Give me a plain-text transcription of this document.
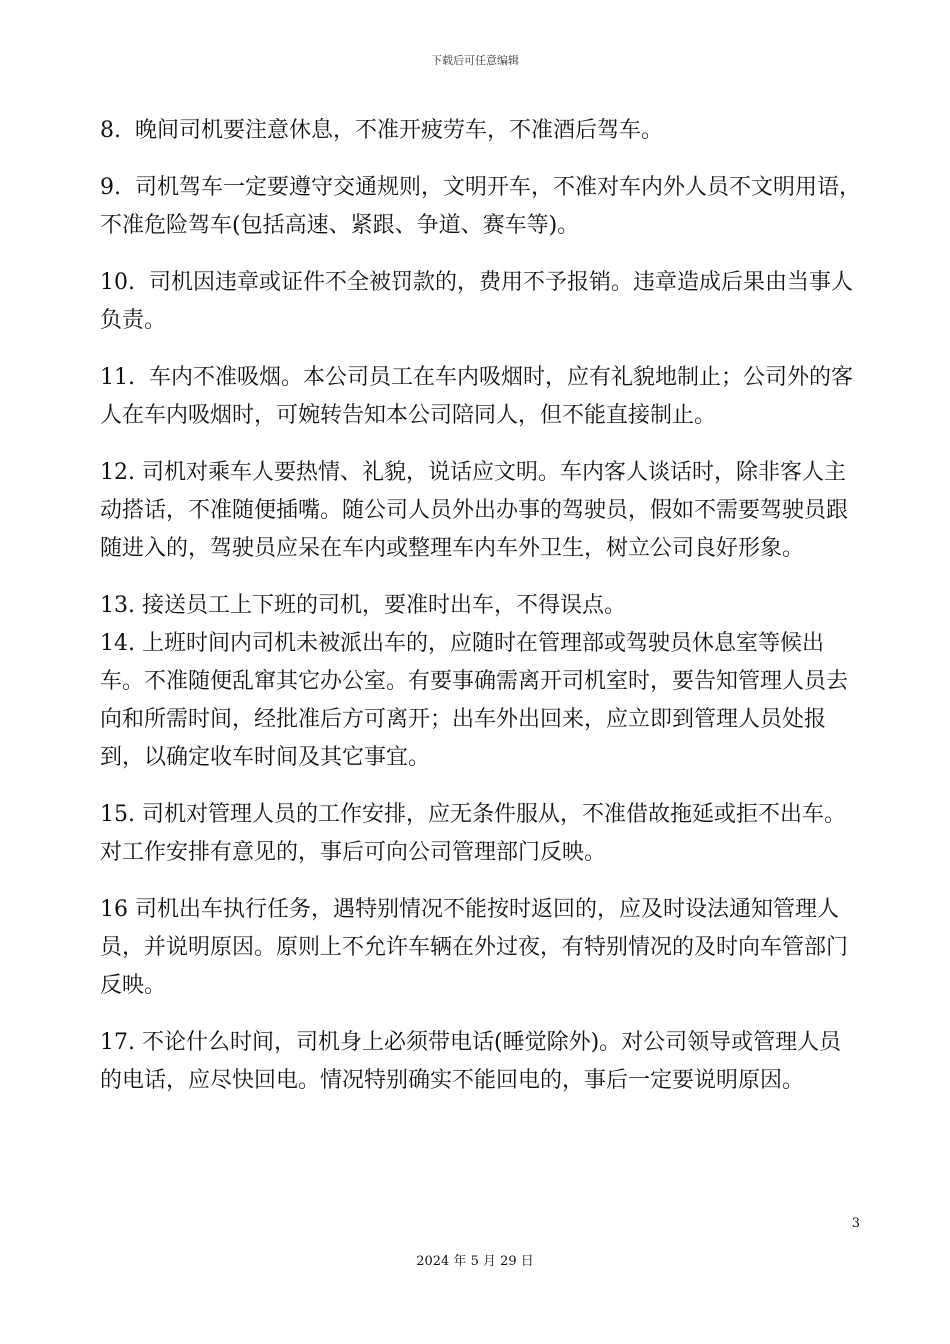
下载后可任意编辑

8.  晚间司机要注意休息，不准开疲劳车，不准酒后驾车。

9.  司机驾车一定要遵守交通规则，文明开车，不准对车内外人员不文明用语，不准危险驾车(包括高速、紧跟、争道、赛车等)。

10.  司机因违章或证件不全被罚款的，费用不予报销。违章造成后果由当事人负责。

11.  车内不准吸烟。本公司员工在车内吸烟时，应有礼貌地制止；公司外的客人在车内吸烟时，可婉转告知本公司陪同人，但不能直接制止。

12. 司机对乘车人要热情、礼貌，说话应文明。车内客人谈话时，除非客人主动搭话，不准随便插嘴。随公司人员外出办事的驾驶员，假如不需要驾驶员跟随进入的，驾驶员应呆在车内或整理车内车外卫生，树立公司良好形象。

13. 接送员工上下班的司机，要准时出车，不得误点。

14. 上班时间内司机未被派出车的，应随时在管理部或驾驶员休息室等候出车。不准随便乱窜其它办公室。有要事确需离开司机室时，要告知管理人员去向和所需时间，经批准后方可离开；出车外出回来，应立即到管理人员处报到，以确定收车时间及其它事宜。

15. 司机对管理人员的工作安排，应无条件服从，不准借故拖延或拒不出车。对工作安排有意见的，事后可向公司管理部门反映。

16 司机出车执行任务，遇特别情况不能按时返回的，应及时设法通知管理人员，并说明原因。原则上不允许车辆在外过夜，有特别情况的及时向车管部门反映。

17. 不论什么时间，司机身上必须带电话(睡觉除外)。对公司领导或管理人员的电话，应尽快回电。情况特别确实不能回电的，事后一定要说明原因。

3
2024 年 5 月 29 日
